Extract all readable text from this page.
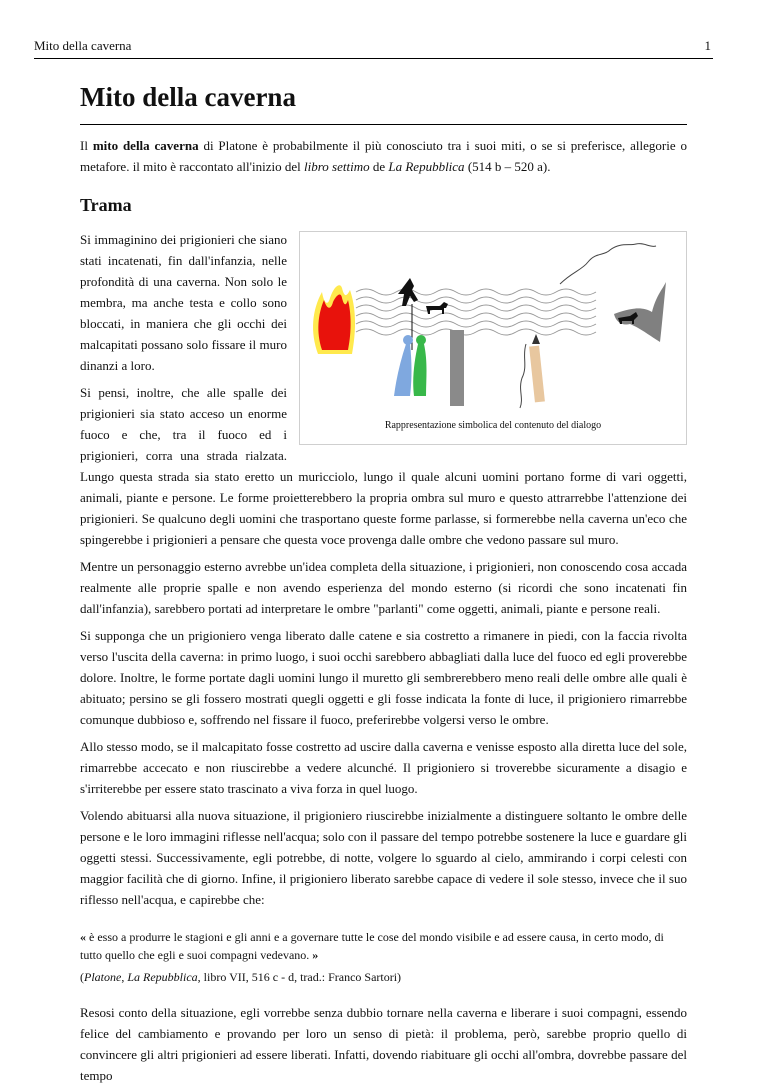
Mito della caverna	1
Mito della caverna

Il mito della caverna di Platone è probabilmente il più conosciuto tra i suoi miti, o se si preferisce, allegorie o metafore. il mito è raccontato all'inizio del libro settimo de La Repubblica (514 b – 520 a).

Trama
Rappresentazione simbolica del contenuto del dialogo

Si immaginino dei prigionieri che siano stati incatenati, fin dall'infanzia, nelle profondità di una caverna. Non solo le membra, ma anche testa e collo sono bloccati, in maniera che gli occhi dei malcapitati possano solo fissare il muro dinanzi a loro.

Si pensi, inoltre, che alle spalle dei prigionieri sia stato acceso un enorme fuoco e che, tra il fuoco ed i prigionieri, corra una strada rialzata. Lungo questa strada sia stato eretto un muricciolo, lungo il quale alcuni uomini portano forme di vari oggetti, animali, piante e persone. Le forme proietterebbero la propria ombra sul muro e questo attrarrebbe l'attenzione dei prigionieri. Se qualcuno degli uomini che trasportano queste forme parlasse, si formerebbe nella caverna un'eco che spingerebbe i prigionieri a pensare che questa voce provenga dalle ombre che vedono passare sul muro.

Mentre un personaggio esterno avrebbe un'idea completa della situazione, i prigionieri, non conoscendo cosa accada realmente alle proprie spalle e non avendo esperienza del mondo esterno (si ricordi che sono incatenati fin dall'infanzia), sarebbero portati ad interpretare le ombre "parlanti" come oggetti, animali, piante e persone reali.

Si supponga che un prigioniero venga liberato dalle catene e sia costretto a rimanere in piedi, con la faccia rivolta verso l'uscita della caverna: in primo luogo, i suoi occhi sarebbero abbagliati dalla luce del fuoco ed egli proverebbe dolore. Inoltre, le forme portate dagli uomini lungo il muretto gli sembrerebbero meno reali delle ombre alle quali è abituato; persino se gli fossero mostrati quegli oggetti e gli fosse indicata la fonte di luce, il prigioniero rimarrebbe comunque dubbioso e, soffrendo nel fissare il fuoco, preferirebbe volgersi verso le ombre.

Allo stesso modo, se il malcapitato fosse costretto ad uscire dalla caverna e venisse esposto alla diretta luce del sole, rimarrebbe accecato e non riuscirebbe a vedere alcunché. Il prigioniero si troverebbe sicuramente a disagio e s'irriterebbe per essere stato trascinato a viva forza in quel luogo.

Volendo abituarsi alla nuova situazione, il prigioniero riuscirebbe inizialmente a distinguere soltanto le ombre delle persone e le loro immagini riflesse nell'acqua; solo con il passare del tempo potrebbe sostenere la luce e guardare gli oggetti stessi. Successivamente, egli potrebbe, di notte, volgere lo sguardo al cielo, ammirando i corpi celesti con maggior facilità che di giorno. Infine, il prigioniero liberato sarebbe capace di vedere il sole stesso, invece che il suo riflesso nell'acqua, e capirebbe che:

« è esso a produrre le stagioni e gli anni e a governare tutte le cose del mondo visibile e ad essere causa, in certo modo, di tutto quello che egli e suoi compagni vedevano. »
(Platone, La Repubblica, libro VII, 516 c - d, trad.: Franco Sartori)

Resosi conto della situazione, egli vorrebbe senza dubbio tornare nella caverna e liberare i suoi compagni, essendo felice del cambiamento e provando per loro un senso di pietà: il problema, però, sarebbe proprio quello di convincere gli altri prigionieri ad essere liberati. Infatti, dovendo riabituare gli occhi all'ombra, dovrebbe passare del tempo
